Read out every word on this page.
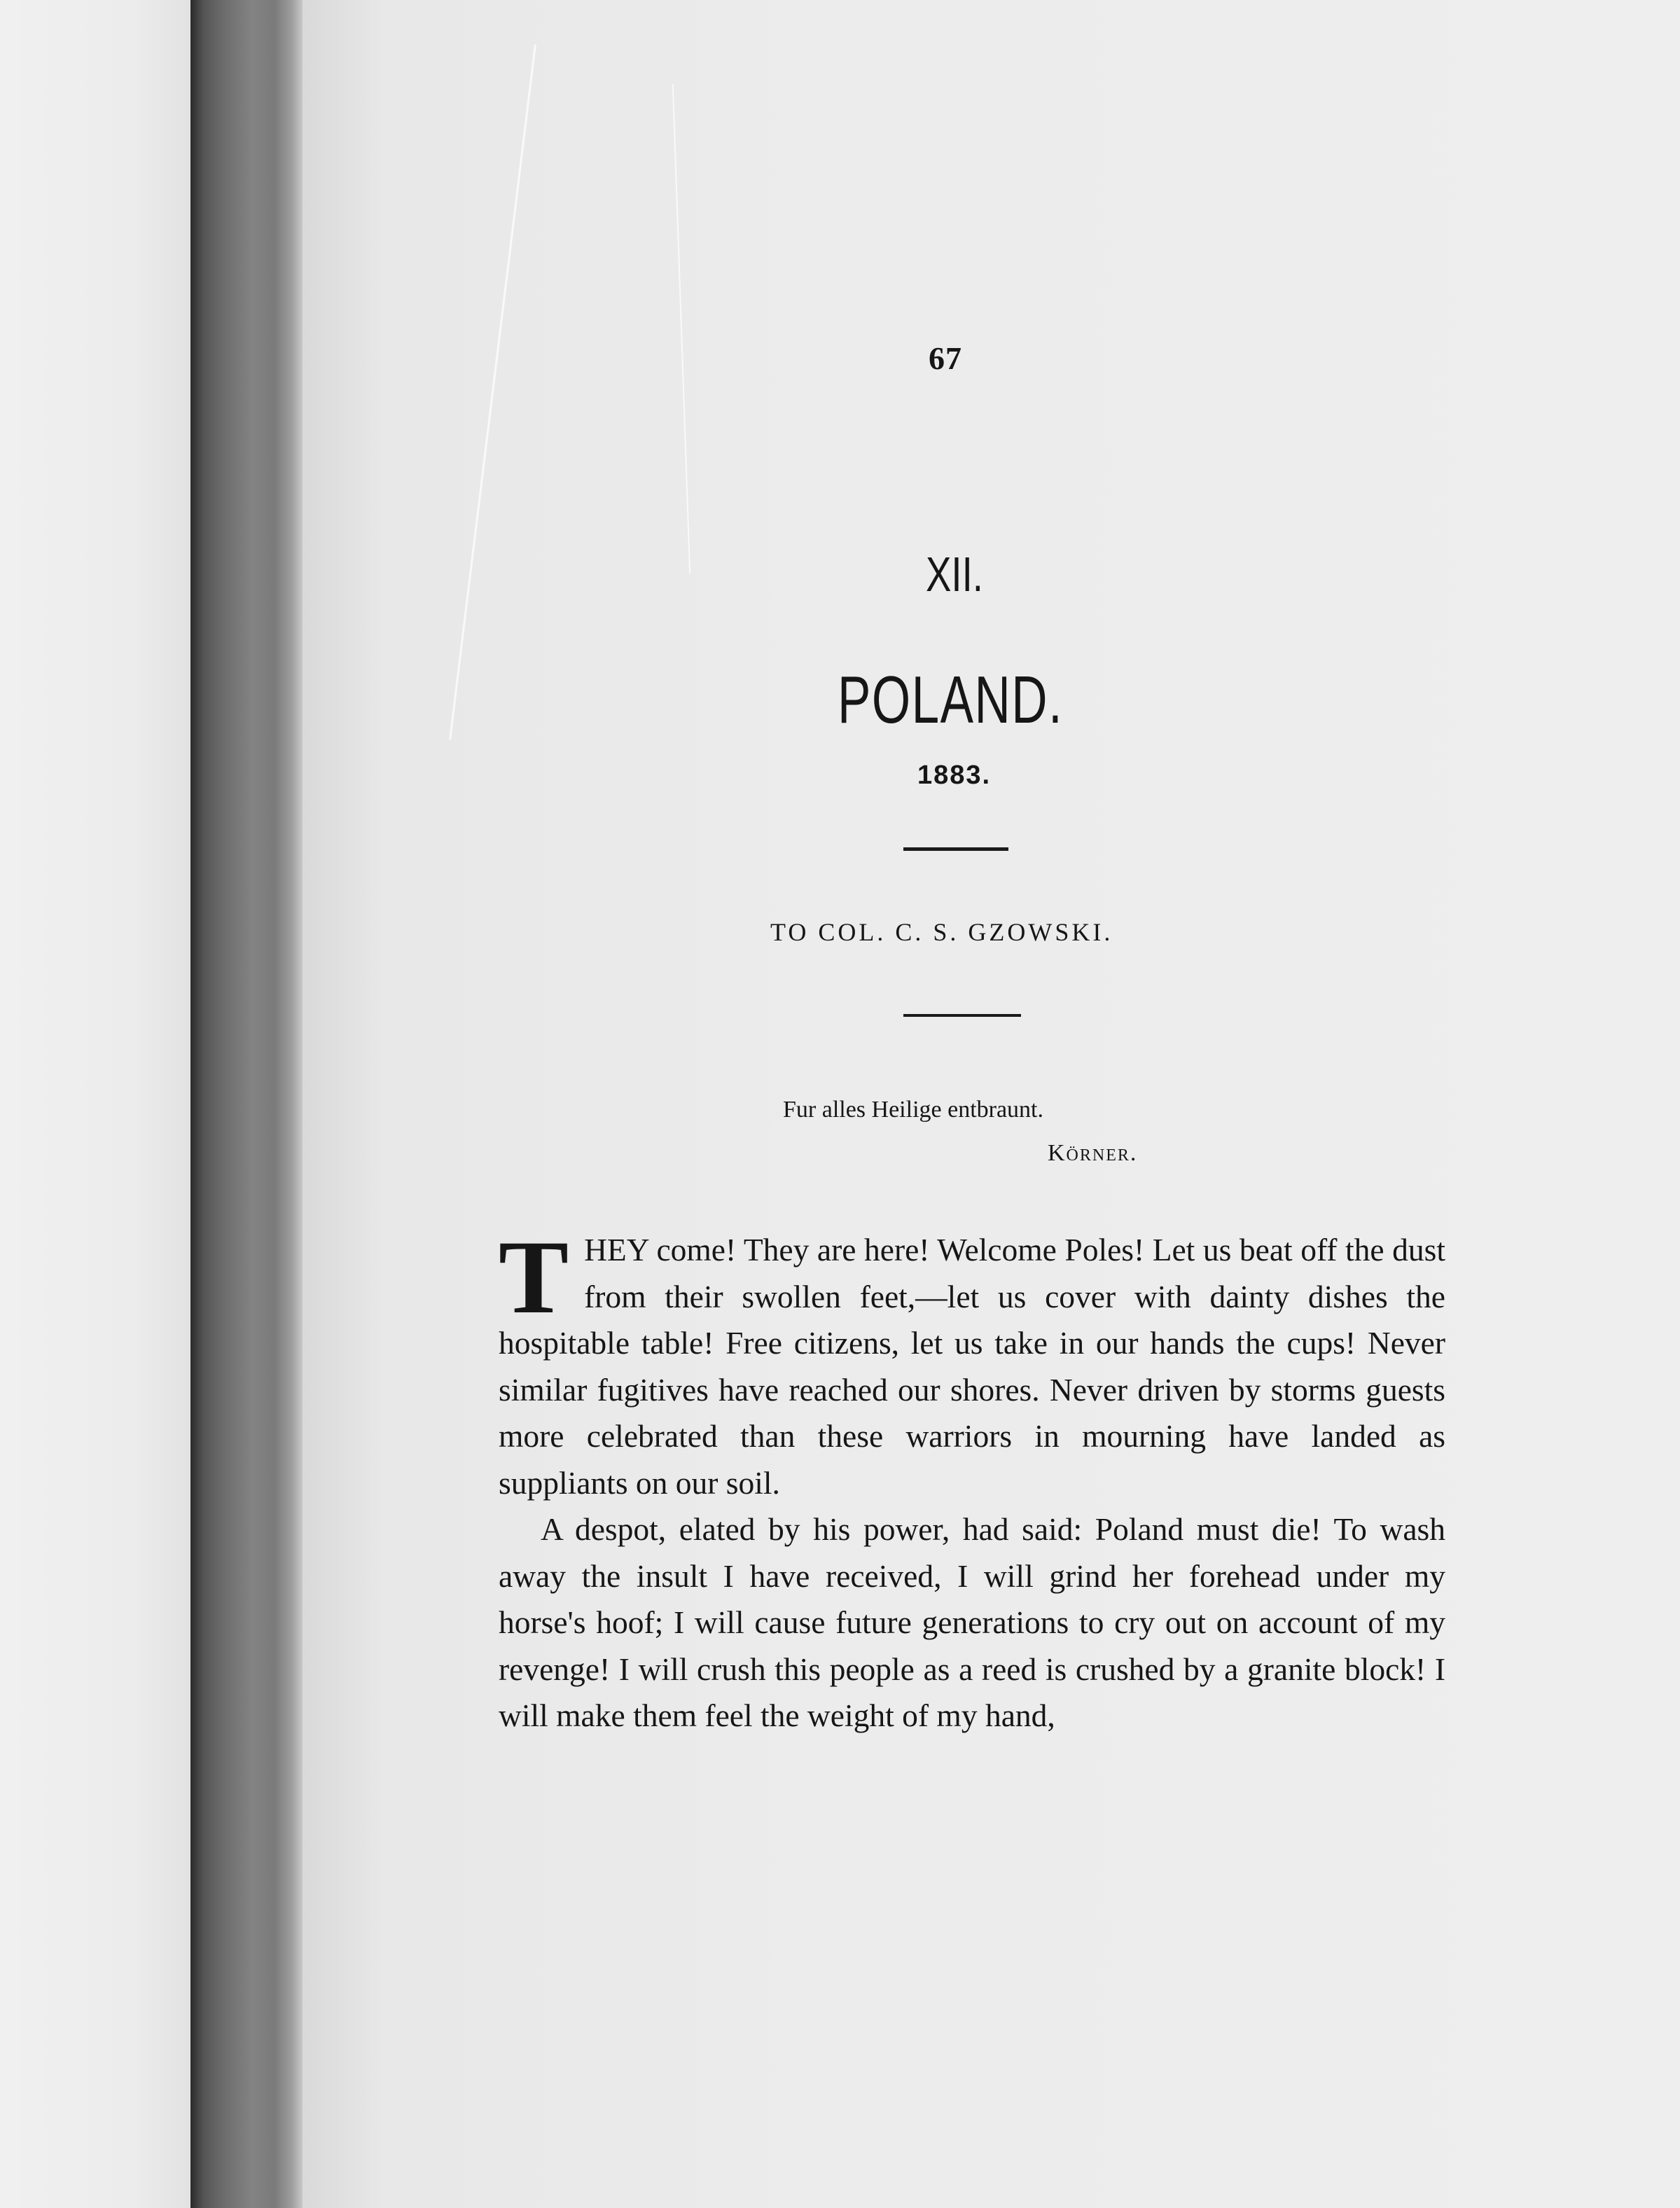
67
XII.
POLAND.
1883.
TO COL. C. S. GZOWSKI.
Fur alles Heilige entbraunt.
Körner.

THEY come! They are here! Welcome Poles! Let us beat off the dust from their swollen feet,—let us cover with dainty dishes the hospitable table! Free citizens, let us take in our hands the cups! Never similar fugitives have reached our shores. Never driven by storms guests more celebrated than these warriors in mourning have landed as suppliants on our soil.

A despot, elated by his power, had said: Poland must die! To wash away the insult I have received, I will grind her forehead under my horse's hoof; I will cause future generations to cry out on account of my revenge! I will crush this people as a reed is crushed by a granite block! I will make them feel the weight of my hand,
